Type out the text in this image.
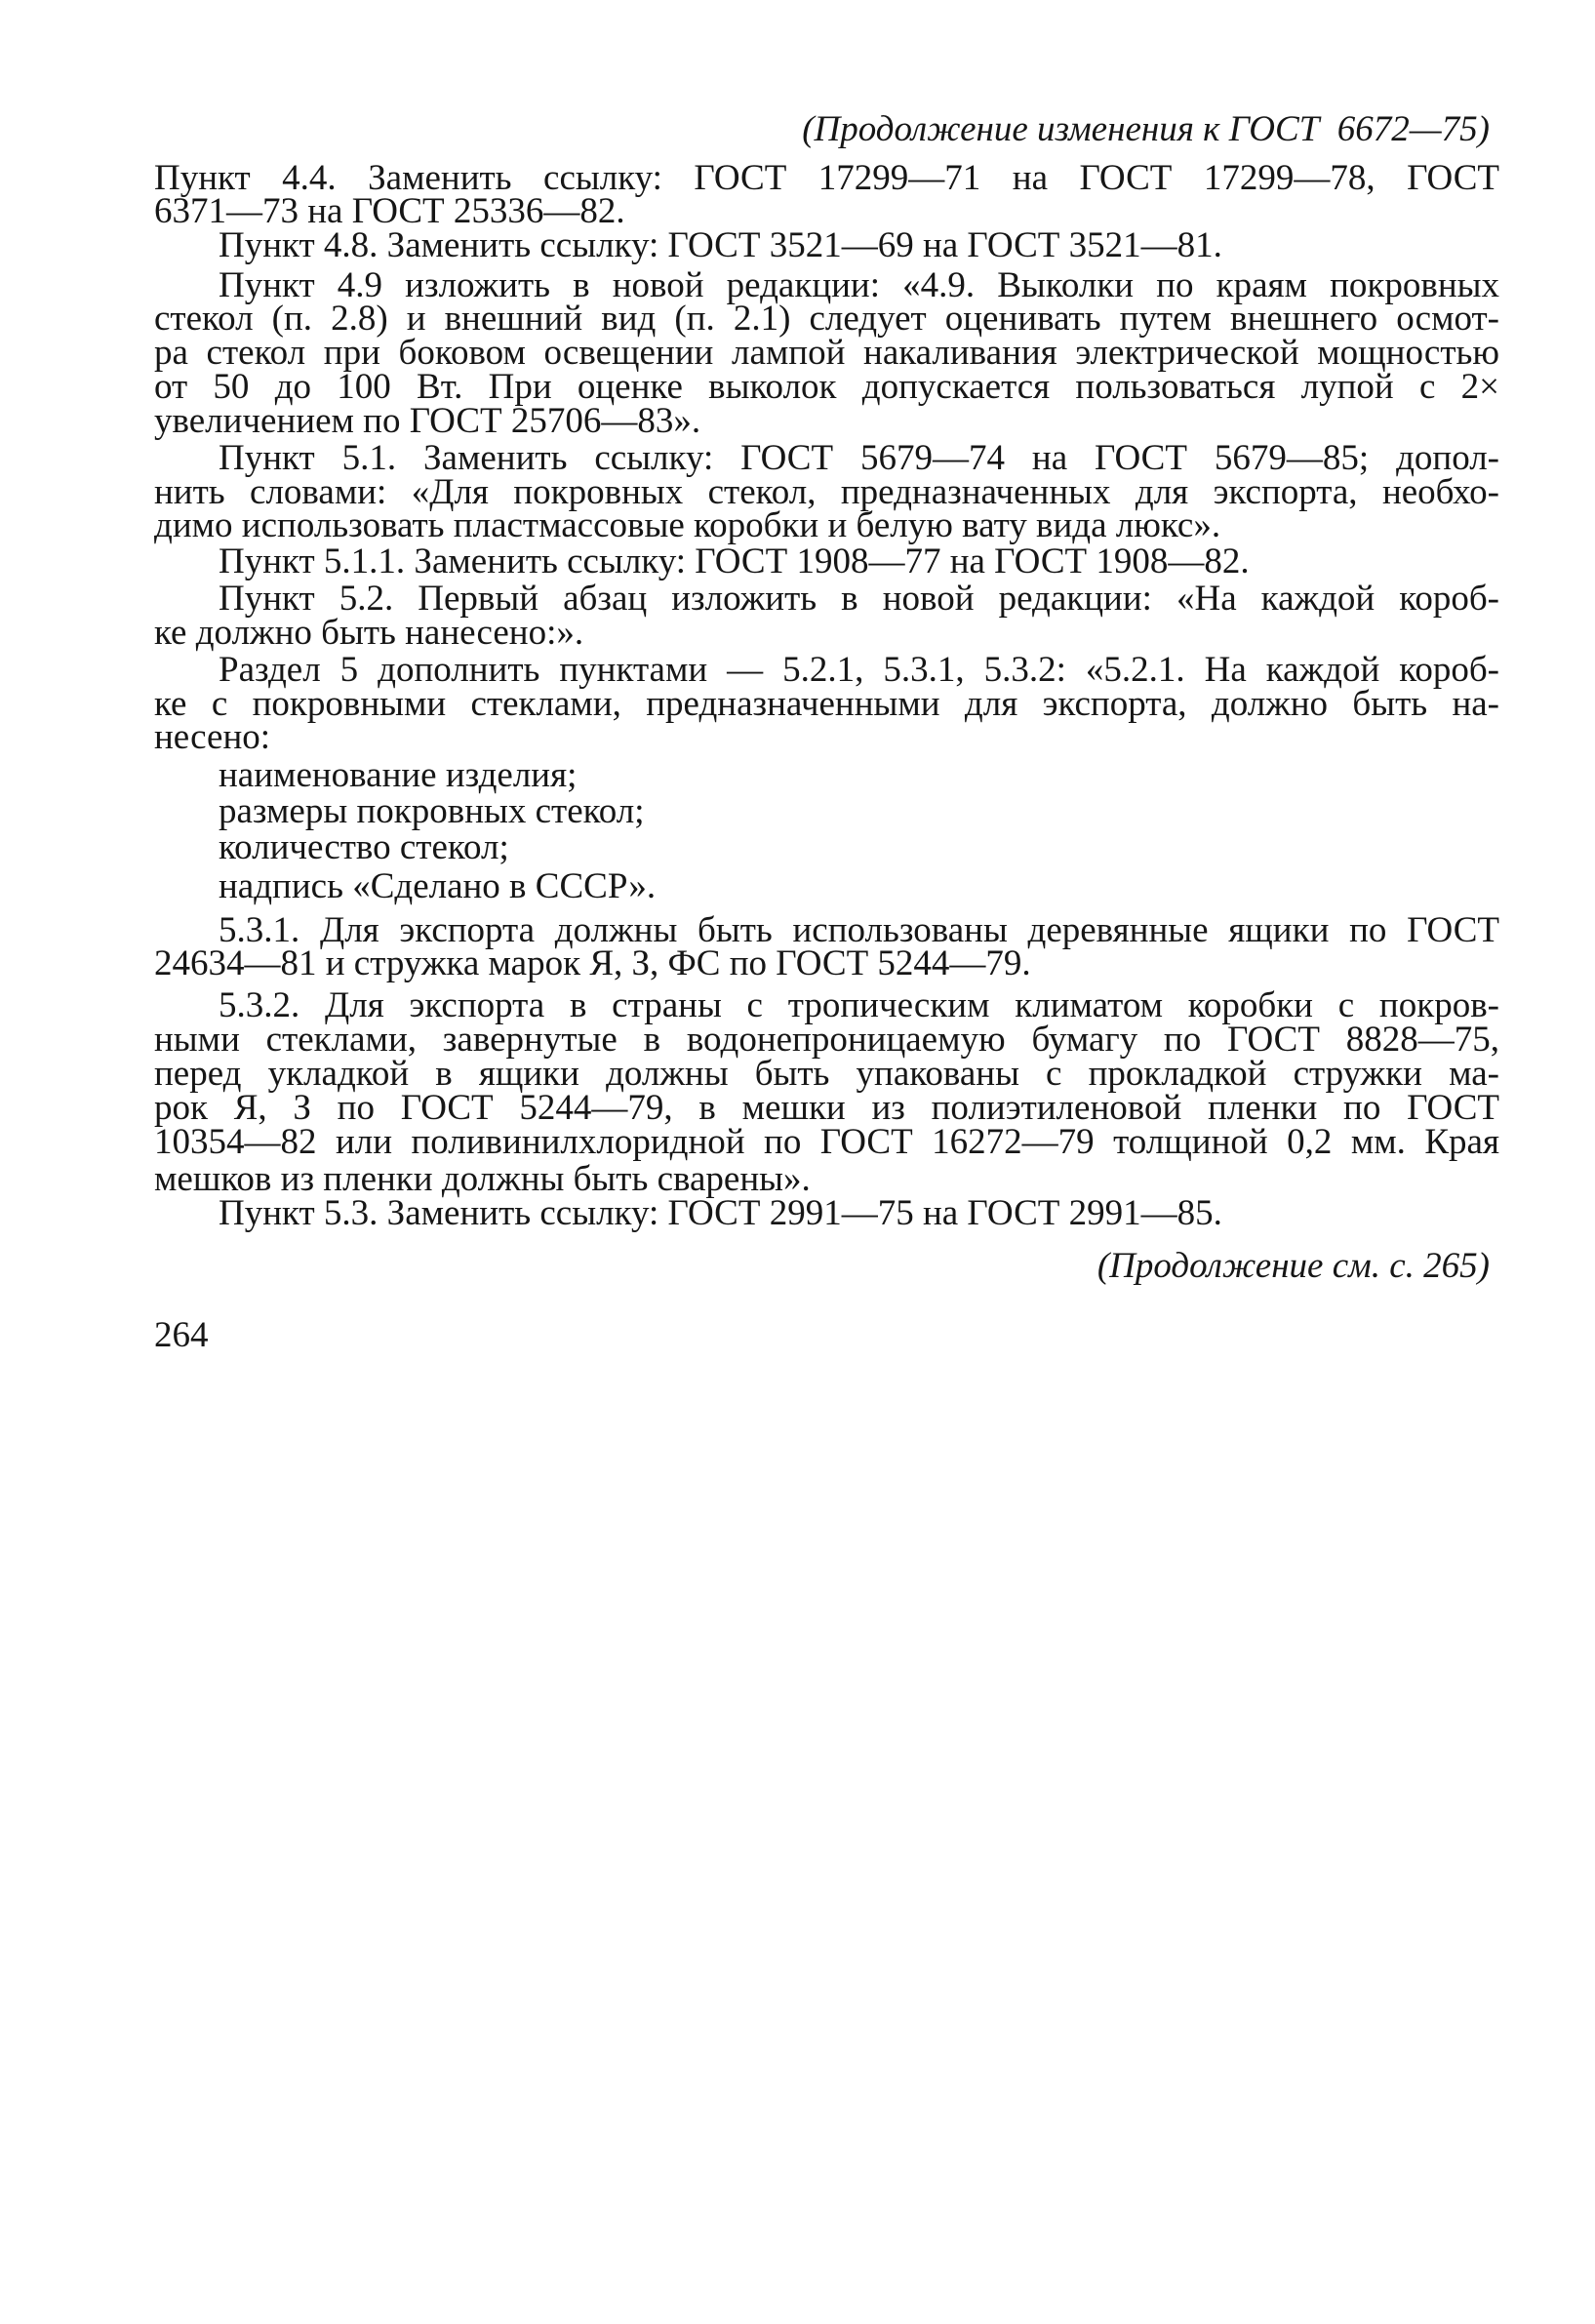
(Продолжение изменения к ГОСТ  6672—75)
Пункт 4.4. Заменить ссылку: ГОСТ 17299—71 на ГОСТ 17299—78, ГОСТ
6371—73 на ГОСТ 25336—82.
Пункт 4.8. Заменить ссылку: ГОСТ 3521—69 на ГОСТ 3521—81.
Пункт 4.9 изложить в новой редакции: «4.9. Выколки по краям покровных
стекол (п. 2.8) и внешний вид (п. 2.1) следует оценивать путем внешнего осмот-
ра стекол при боковом освещении лампой накаливания электрической мощностью
от 50 до 100 Вт. При оценке выколок допускается пользоваться лупой с 2×
увеличением по ГОСТ 25706—83».
Пункт 5.1. Заменить ссылку: ГОСТ 5679—74 на ГОСТ 5679—85; допол-
нить словами: «Для покровных стекол, предназначенных для экспорта, необхо-
димо использовать пластмассовые коробки и белую вату вида люкс».
Пункт 5.1.1. Заменить ссылку: ГОСТ 1908—77 на ГОСТ 1908—82.
Пункт 5.2. Первый абзац изложить в новой редакции: «На каждой короб-
ке должно быть нанесено:».
Раздел 5 дополнить пунктами — 5.2.1, 5.3.1, 5.3.2: «5.2.1. На каждой короб-
ке с покровными стеклами, предназначенными для экспорта, должно быть на-
несено:
наименование изделия;
размеры покровных стекол;
количество стекол;
надпись «Сделано в СССР».
5.3.1. Для экспорта должны быть использованы деревянные ящики по ГОСТ
24634—81 и стружка марок Я, З, ФС по ГОСТ 5244—79.
5.3.2. Для экспорта в страны с тропическим климатом коробки с покров-
ными стеклами, завернутые в водонепроницаемую бумагу по ГОСТ 8828—75,
перед укладкой в ящики должны быть упакованы с прокладкой стружки ма-
рок Я, З по ГОСТ 5244—79, в мешки из полиэтиленовой пленки по ГОСТ
10354—82 или поливинилхлоридной по ГОСТ 16272—79 толщиной 0,2 мм. Края
мешков из пленки должны быть сварены».
Пункт 5.3. Заменить ссылку: ГОСТ 2991—75 на ГОСТ 2991—85.
(Продолжение см. с. 265)
264
